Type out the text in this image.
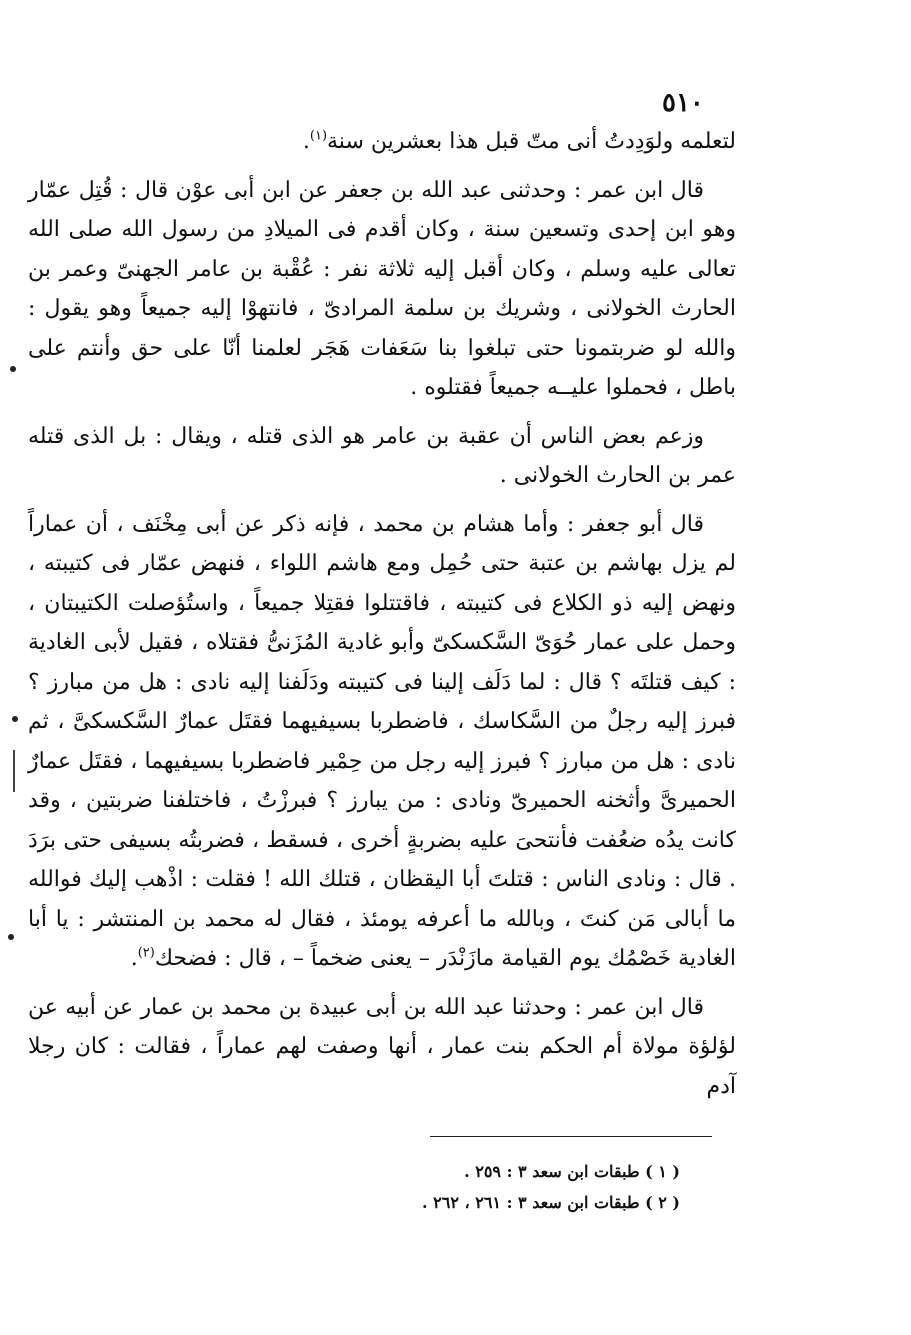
٥١٠

لتعلمه ولوَدِدتُ أنى متّ قبل هذا بعشرين سنة$^{(١)}$.

قال ابن عمر : وحدثنى عبد الله بن جعفر عن ابن أبى عوْن قال : قُتِل عمّار وهو ابن إحدى وتسعين سنة ، وكان أقدم فى الميلادِ من رسول الله صلى الله تعالى عليه وسلم ، وكان أقبل إليه ثلاثة نفر : عُقْبة بن عامر الجهنىّ وعمر بن الحارث الخولانى ، وشريك بن سلمة المرادىّ ، فانتهوْا إليه جميعاً وهو يقول : والله لو ضربتمونا حتى تبلغوا بنا سَعَفات هَجَر لعلمنا أنّا على حق وأنتم على باطل ، فحملوا عليــه جميعاً فقتلوه .

وزعم بعض الناس أن عقبة بن عامر هو الذى قتله ، ويقال : بل الذى قتله عمر بن الحارث الخولانى .

قال أبو جعفر : وأما هشام بن محمد ، فإنه ذكر عن أبى مِخْنَف ، أن عماراً لم يزل بهاشم بن عتبة حتى حُمِل ومع هاشم اللواء ، فنهض عمّار فى كتيبته ، ونهض إليه ذو الكلاع فى كتيبته ، فاقتتلوا فقتِلا جميعاً ، واستُؤصلت الكتيبتان ، وحمل على عمار حُوَىّ السَّكسكىّ وأبو غادية المُزَنىُّ فقتلاه ، فقيل لأبى الغادية : كيف قتلتَه ؟ قال : لما دَلَف إلينا فى كتيبته ودَلَفنا إليه نادى : هل من مبارز ؟ فبرز إليه رجلٌ من السَّكاسك ، فاضطربا بسيفيهما فقتَل عمارٌ السَّكسكىَّ ، ثم نادى : هل من مبارز ؟ فبرز إليه رجل من حِمْير فاضطربا بسيفيهما ، فقتَل عمارٌ الحميرىَّ وأثخنه الحميرىّ ونادى : من يبارز ؟ فبرزْتُ ، فاختلفنا ضربتين ، وقد كانت يدُه ضعُفت فأنتحىَ عليه بضربةٍ أخرى ، فسقط ، فضربتُه بسيفى حتى برَدَ . قال : ونادى الناس : قتلتَ أبا اليقظان ، قتلك الله ! فقلت : اذْهب إليك فوالله ما أبالى مَن كنتَ ، وبالله ما أعرفه يومئذ ، فقال له محمد بن المنتشر : يا أبا الغادية خَصْمُك يوم القيامة مازَنْدَر – يعنى ضخماً – ، قال : فضحك$^{(٢)}$.

قال ابن عمر : وحدثنا عبد الله بن أبى عبيدة بن محمد بن عمار عن أبيه عن لؤلؤة مولاة أم الحكم بنت عمار ، أنها وصفت لهم عماراً ، فقالت : كان رجلا آدم

( ١ ) طبقات ابن سعد ٣ : ٢٥٩ .
( ٢ ) طبقات ابن سعد ٣ : ٢٦١ ، ٢٦٢ .
